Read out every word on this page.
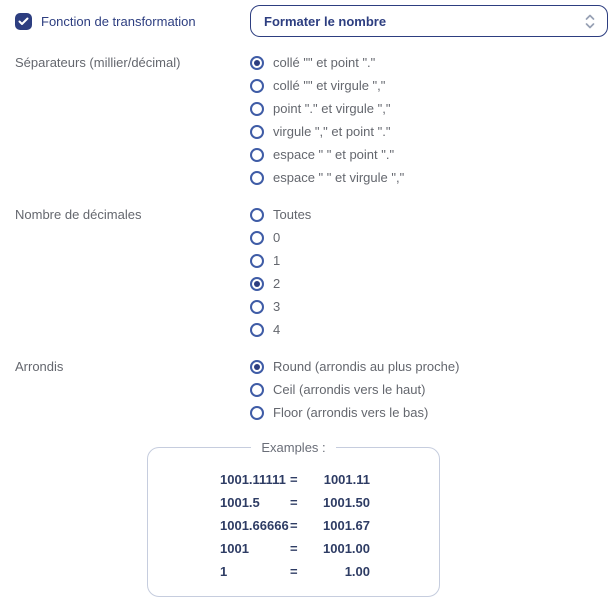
Fonction de transformation	Formater le nombre
Séparateurs (millier/décimal)	collé "" et point "."
collé "" et virgule ","
point "." et virgule ","
virgule "," et point "."
espace " " et point "."
espace " " et virgule ","
Nombre de décimales	Toutes
0
1
2
3
4
Arrondis	Round (arrondis au plus proche)
Ceil (arrondis vers le haut)
Floor (arrondis vers le bas)
Examples :
1001.11111 =	1001.11
1001.5	=	1001.50
1001.66666 =	1001.67
1001	=	1001.00
1	=	1.00
